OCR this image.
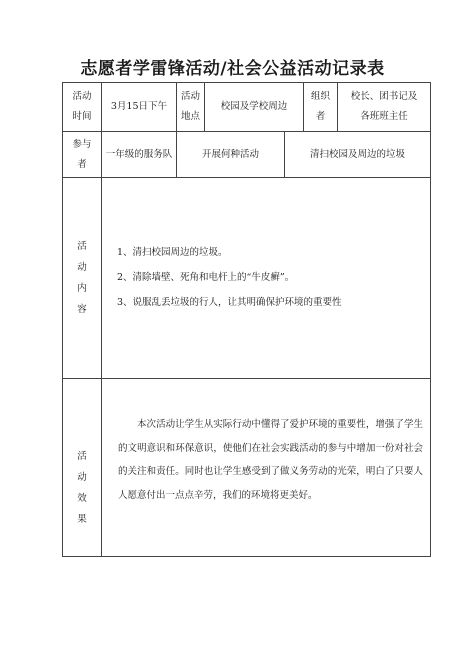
志愿者学雷锋活动/社会公益活动记录表
活动
时间
3月15日下午
活动
地点
校园及学校周边
组织
者
校长、团书记及
各班班主任
参与
者
一年级的服务队	开展何种活动	清扫校园及周边的垃圾
活
动
内
容
1、清扫校园周边的垃圾。
2、清除墙壁、死角和电杆上的“牛皮癣”。
3、说服乱丢垃圾的行人，让其明确保护环境的重要性
活
动
效
果
本次活动让学生从实际行动中懂得了爱护环境的重要性，增强了学生的文明意识和环保意识，使他们在社会实践活动的参与中增加一份对社会的关注和责任。同时也让学生感受到了做义务劳动的光荣，明白了只要人人愿意付出一点点辛劳，我们的环境将更美好。
